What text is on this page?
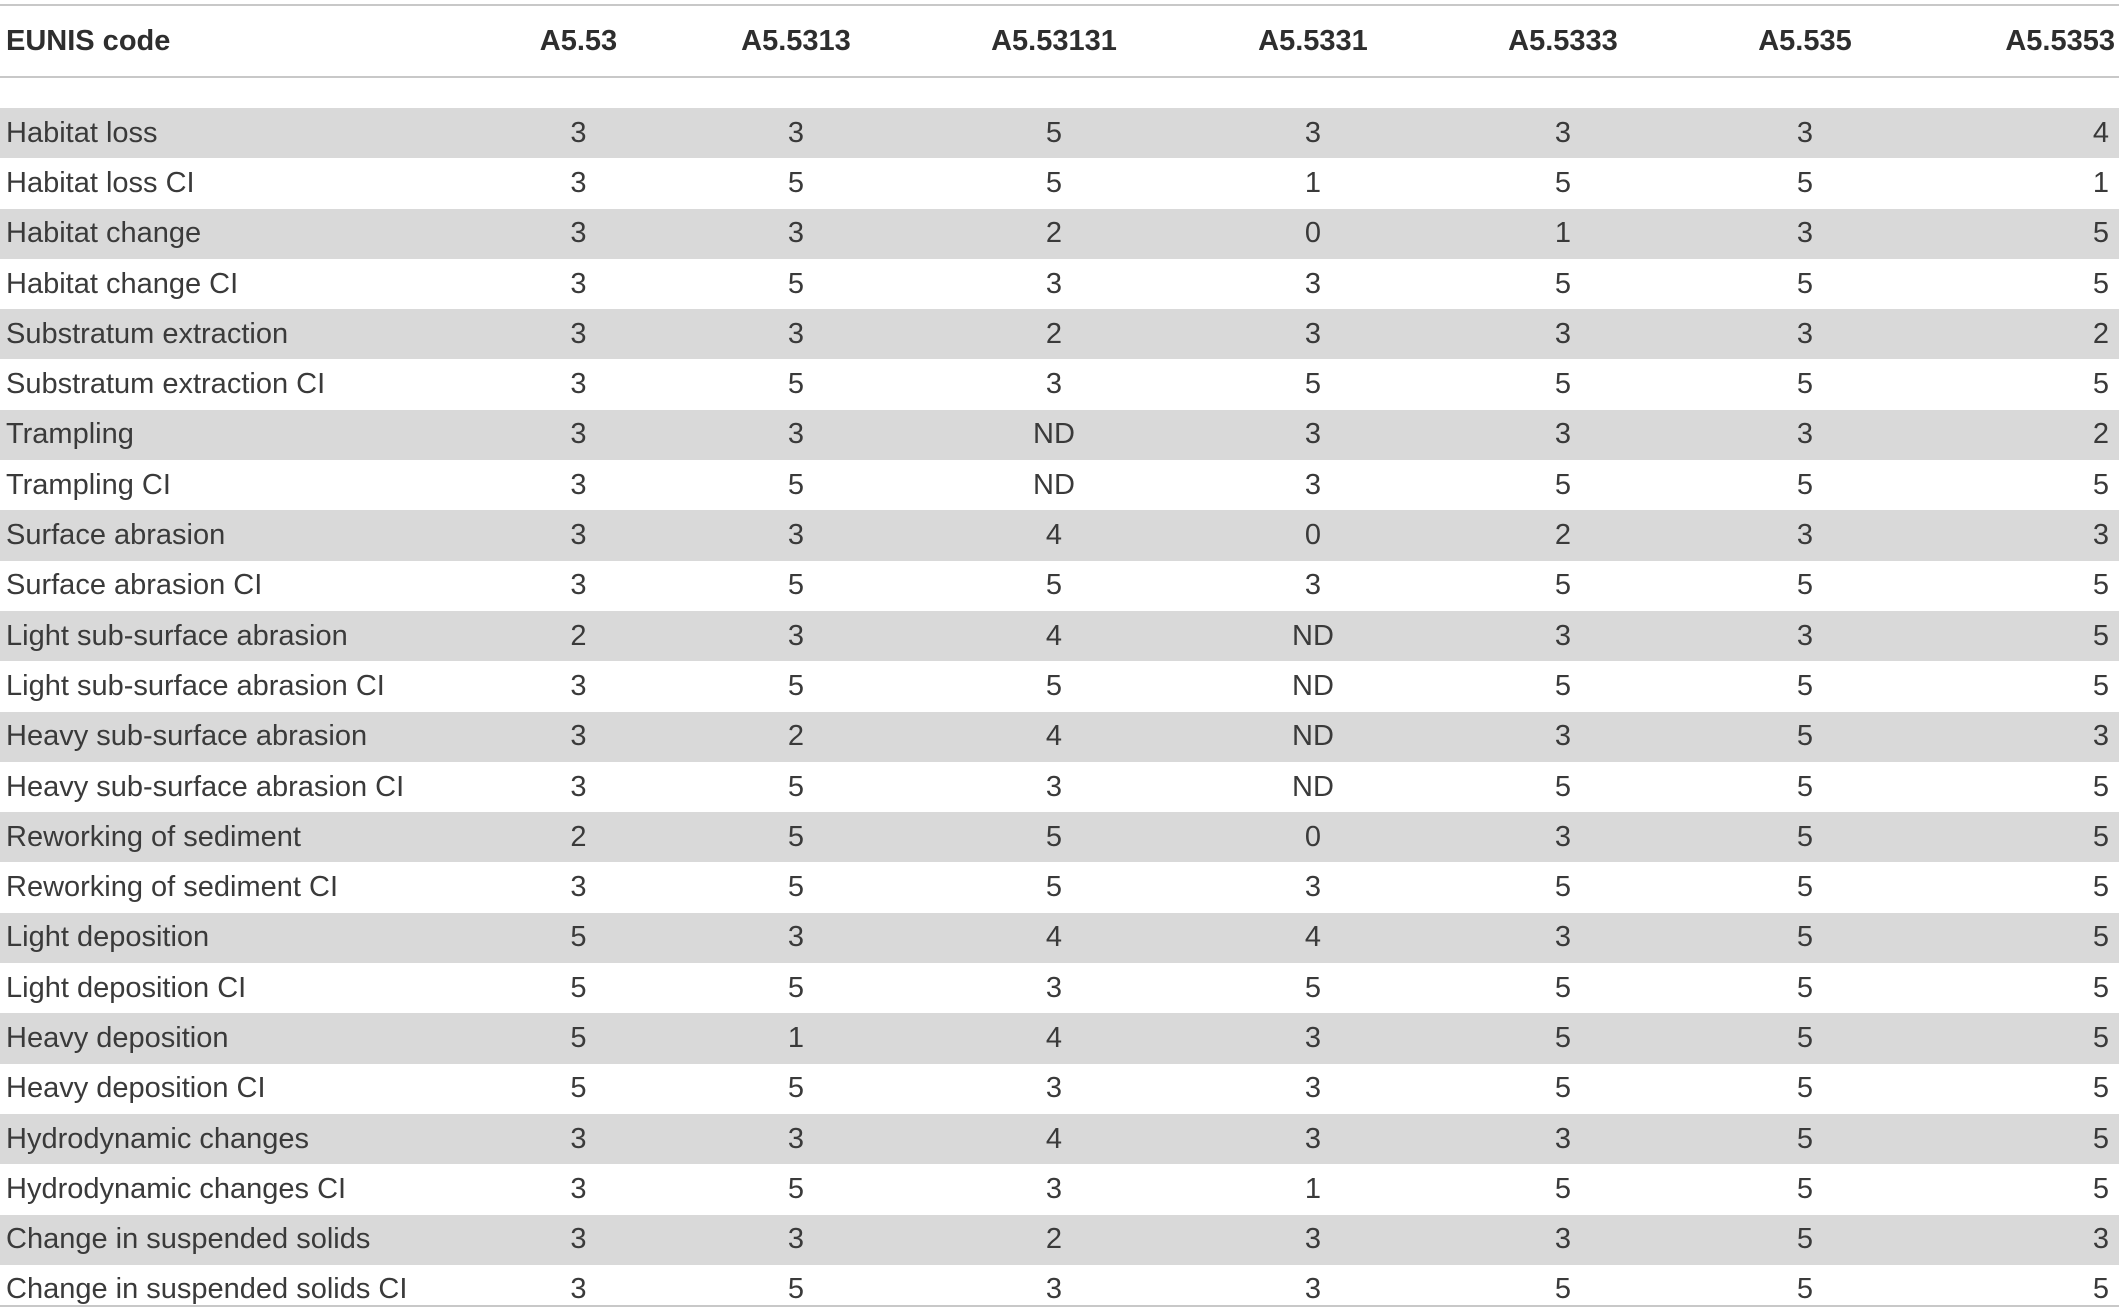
EUNIS code	A5.53	A5.5313	A5.53131	A5.5331	A5.5333	A5.535	A5.5353

Habitat loss	3	3	5	3	3	3	4
Habitat loss CI	3	5	5	1	5	5	1
Habitat change	3	3	2	0	1	3	5
Habitat change CI	3	5	3	3	5	5	5
Substratum extraction	3	3	2	3	3	3	2
Substratum extraction CI	3	5	3	5	5	5	5
Trampling	3	3	ND	3	3	3	2
Trampling CI	3	5	ND	3	5	5	5
Surface abrasion	3	3	4	0	2	3	3
Surface abrasion CI	3	5	5	3	5	5	5
Light sub-surface abrasion	2	3	4	ND	3	3	5
Light sub-surface abrasion CI	3	5	5	ND	5	5	5
Heavy sub-surface abrasion	3	2	4	ND	3	5	3
Heavy sub-surface abrasion CI	3	5	3	ND	5	5	5
Reworking of sediment	2	5	5	0	3	5	5
Reworking of sediment CI	3	5	5	3	5	5	5
Light deposition	5	3	4	4	3	5	5
Light deposition CI	5	5	3	5	5	5	5
Heavy deposition	5	1	4	3	5	5	5
Heavy deposition CI	5	5	3	3	5	5	5
Hydrodynamic changes	3	3	4	3	3	5	5
Hydrodynamic changes CI	3	5	3	1	5	5	5
Change in suspended solids	3	3	2	3	3	5	3
Change in suspended solids CI	3	5	3	3	5	5	5
